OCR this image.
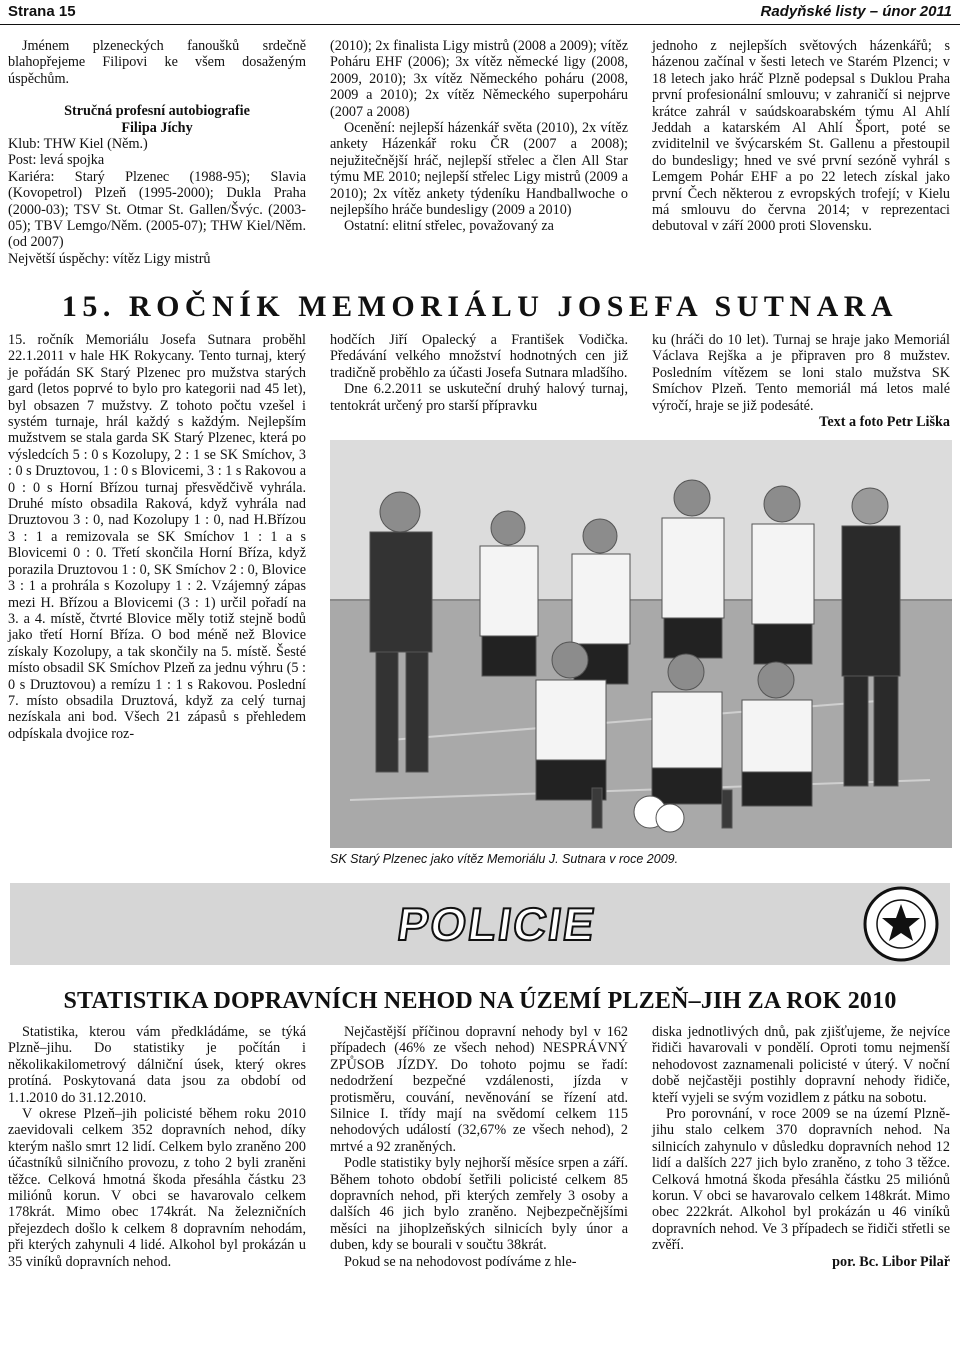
Strana 15	Radyňské listy – únor 2011

Jménem plzeneckých fanoušků srdečně blahopřejeme Filipovi ke všem dosaženým úspěchům.

Stručná profesní autobiografie

Filipa Jíchy

Klub: THW Kiel (Něm.)

Post: levá spojka

Kariéra: Starý Plzenec (1988-95); Slavia (Kovopetrol) Plzeň (1995-2000); Dukla Praha (2000-03); TSV St. Otmar St. Gallen/Švýc. (2003-05); TBV Lemgo/Něm. (2005-07); THW Kiel/Něm. (od 2007)

Největší úspěchy: vítěz Ligy mistrů

(2010); 2x finalista Ligy mistrů (2008 a 2009); vítěz Poháru EHF (2006); 3x vítěz německé ligy (2008, 2009, 2010); 3x vítěz Německého poháru (2008, 2009 a 2010); 2x vítěz Německého superpoháru (2007 a 2008)

Ocenění: nejlepší házenkář světa (2010), 2x vítěz ankety Házenkář roku ČR (2007 a 2008); nejužitečnější hráč, nejlepší střelec a člen All Star týmu ME 2010; nejlepší střelec Ligy mistrů (2009 a 2010); 2x vítěz ankety týdeníku Handballwoche o nejlepšího hráče bundesligy (2009 a 2010)

Ostatní: elitní střelec, považovaný za

jednoho z nejlepších světových házenkářů; s házenou začínal v šesti letech ve Starém Plzenci; v 18 letech jako hráč Plzně podepsal s Duklou Praha první profesionální smlouvu; v zahraničí si nejprve krátce zahrál v saúdskoarabském týmu Al Ahlí Jeddah a katarském Al Ahlí Šport, poté se zviditelnil ve švýcarském St. Gallenu a přestoupil do bundesligy; hned ve své první sezóně vyhrál s Lemgem Pohár EHF a po 22 letech získal jako první Čech některou z evropských trofejí; v Kielu má smlouvu do června 2014; v reprezentaci debutoval v září 2000 proti Slovensku.

15. ROČNÍK MEMORIÁLU JOSEFA SUTNARA

15. ročník Memoriálu Josefa Sutnara proběhl 22.1.2011 v hale HK Rokycany. Tento turnaj, který je pořádán SK Starý Plzenec pro mužstva starých gard (letos poprvé to bylo pro kategorii nad 45 let), byl obsazen 7 mužstvy. Z tohoto počtu vzešel i systém turnaje, hrál každý s každým. Nejlepším mužstvem se stala garda SK Starý Plzenec, která po výsledcích 5 : 0 s Kozolupy, 2 : 1 se SK Smíchov, 3 : 0 s Druztovou, 1 : 0 s Blovicemi, 3 : 1 s Rakovou a 0 : 0 s Horní Břízou turnaj přesvědčivě vyhrála. Druhé místo obsadila Raková, když vyhrála nad Druztovou 3 : 0, nad Kozolupy 1 : 0, nad H.Břízou 3 : 1 a remizovala se SK Smíchov 1 : 1 a s Blovicemi 0 : 0. Třetí skončila Horní Bříza, když porazila Druztovou 1 : 0, SK Smíchov 2 : 0, Blovice 3 : 1 a prohrála s Kozolupy 1 : 2. Vzájemný zápas mezi H. Břízou a Blovicemi (3 : 1) určil pořadí na 3. a 4. místě, čtvrté Blovice měly totiž stejně bodů jako třetí Horní Bříza. O bod méně než Blovice získaly Kozolupy, a tak skončily na 5. místě. Šesté místo obsadil SK Smíchov Plzeň za jednu výhru (5 : 0 s Druztovou) a remízu 1 : 1 s Rakovou. Poslední 7. místo obsadila Druztová, když za celý turnaj nezískala ani bod. Všech 21 zápasů s přehledem odpískala dvojice roz-

hodčích Jiří Opalecký a František Vodička. Předávání velkého množství hodnotných cen již tradičně proběhlo za účasti Josefa Sutnara mladšího.

Dne 6.2.2011 se uskuteční druhý halový turnaj, tentokrát určený pro starší přípravku

ku (hráči do 10 let). Turnaj se hraje jako Memoriál Václava Rejška a je připraven pro 8 mužstev. Posledním vítězem se loni stalo mužstva SK Smíchov Plzeň. Tento memoriál má letos malé výročí, hraje se již podesáté.

Text a foto Petr Liška

SK Starý Plzenec jako vítěz Memoriálu J. Sutnara v roce 2009.
POLICIE
STATISTIKA DOPRAVNÍCH NEHOD NA ÚZEMÍ PLZEŇ–JIH ZA ROK 2010

Statistika, kterou vám předkládáme, se týká Plzně–jihu. Do statistiky je počítán i několikakilometrový dálniční úsek, který okres protíná. Poskytovaná data jsou za období od 1.1.2010 do 31.12.2010.

V okrese Plzeň–jih policisté během roku 2010 zaevidovali celkem 352 dopravních nehod, díky kterým našlo smrt 12 lidí. Celkem bylo zraněno 200 účastníků silničního provozu, z toho 2 byli zraněni těžce. Celková hmotná škoda přesáhla částku 23 miliónů korun. V obci se havarovalo celkem 178krát. Mimo obec 174krát. Na železničních přejezdech došlo k celkem 8 dopravním nehodám, při kterých zahynuli 4 lidé. Alkohol byl prokázán u 35 viníků dopravních nehod.

Nejčastější příčinou dopravní nehody byl v 162 případech (46% ze všech nehod) NESPRÁVNÝ ZPŮSOB JÍZDY. Do tohoto pojmu se řadí: nedodržení bezpečné vzdálenosti, jízda v protisměru, couvání, nevěnování se řízení atd. Silnice I. třídy mají na svědomí celkem 115 nehodových událostí (32,67% ze všech nehod), 2 mrtvé a 92 zraněných.

Podle statistiky byly nejhorší měsíce srpen a září. Během tohoto období šetřili policisté celkem 85 dopravních nehod, při kterých zemřely 3 osoby a dalších 46 jich bylo zraněno. Nejbezpečnějšími měsíci na jihoplzeňských silnicích byly únor a duben, kdy se bourali v součtu 38krát.

Pokud se na nehodovost podíváme z hle-

diska jednotlivých dnů, pak zjišťujeme, že nejvíce řidiči havarovali v pondělí. Oproti tomu nejmenší nehodovost zaznamenali policisté v úterý. V noční době nejčastěji postihly dopravní nehody řidiče, kteří vyjeli se svým vozidlem z pátku na sobotu.

Pro porovnání, v roce 2009 se na území Plzně-jihu stalo celkem 370 dopravních nehod. Na silnicích zahynulo v důsledku dopravních nehod 12 lidí a dalších 227 jich bylo zraněno, z toho 3 těžce. Celková hmotná škoda přesáhla částku 25 miliónů korun. V obci se havarovalo celkem 148krát. Mimo obec 222krát. Alkohol byl prokázán u 46 viníků dopravních nehod. Ve 3 případech se řidiči střetli se zvěří.

por. Bc. Libor Pilař
